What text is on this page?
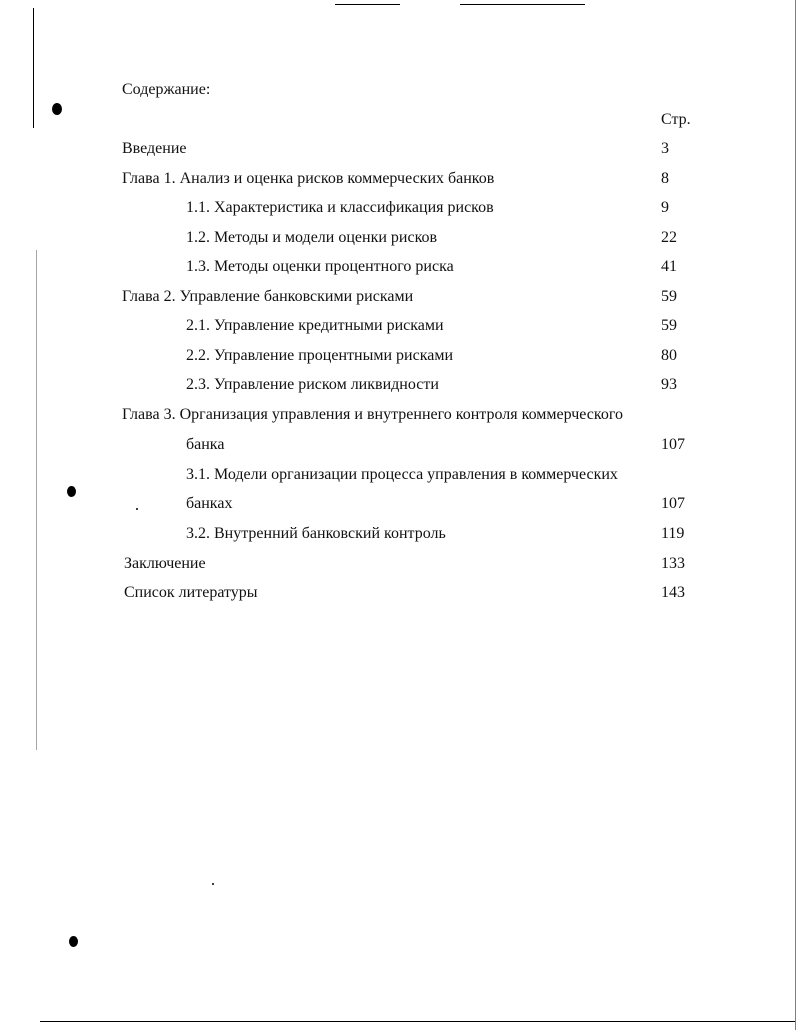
Содержание:
Стр.
Введение	3
Глава 1. Анализ и оценка рисков коммерческих банков	8
1.1. Характеристика и классификация рисков	9
1.2. Методы и модели оценки рисков	22
1.3. Методы оценки процентного риска	41
Глава 2. Управление банковскими рисками	59
2.1. Управление кредитными рисками	59
2.2. Управление процентными рисками	80
2.3. Управление риском ликвидности	93
Глава 3. Организация управления и внутреннего контроля коммерческого
банка	107
3.1. Модели организации процесса управления в коммерческих
банках	107
3.2. Внутренний банковский контроль	119
Заключение	133
Список литературы	143
